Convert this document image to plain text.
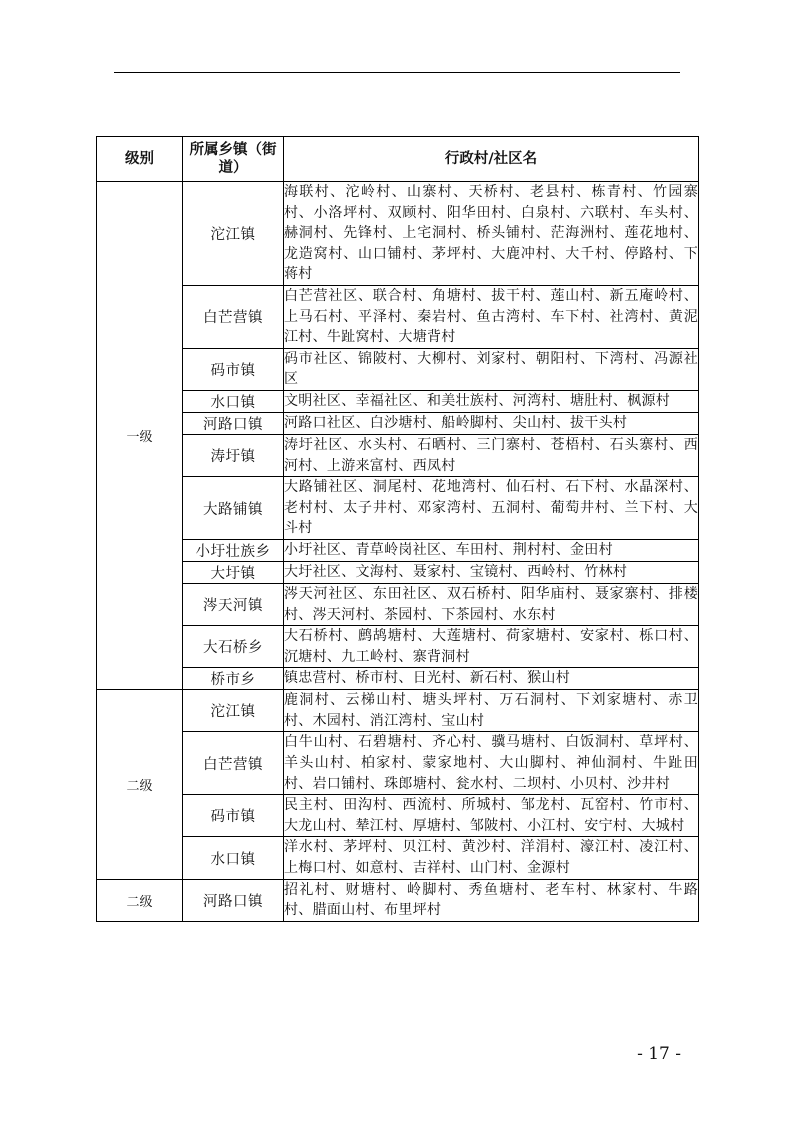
级别	所属乡镇（街道）	行政村/社区名
一级	沱江镇	海联村、沱岭村、山寨村、天桥村、老县村、栋青村、竹园寨村、小洛坪村、双顾村、阳华田村、白泉村、六联村、车头村、赫洞村、先锋村、上宅洞村、桥头铺村、茫海洲村、莲花地村、龙造窝村、山口铺村、茅坪村、大鹿冲村、大千村、停路村、下蒋村
	白芒营镇	白芒营社区、联合村、角塘村、拔干村、莲山村、新五庵岭村、上马石村、平泽村、秦岩村、鱼古湾村、车下村、社湾村、黄泥江村、牛趾窝村、大塘背村
	码市镇	码市社区、锦陂村、大柳村、刘家村、朝阳村、下湾村、冯源社区
	水口镇	文明社区、幸福社区、和美壮族村、河湾村、塘肚村、枫源村
	河路口镇	河路口社区、白沙塘村、船岭脚村、尖山村、拔干头村
	涛圩镇	涛圩社区、水头村、石晒村、三门寨村、苍梧村、石头寨村、西河村、上游来富村、西凤村
	大路铺镇	大路铺社区、洞尾村、花地湾村、仙石村、石下村、水晶深村、老村村、太子井村、邓家湾村、五洞村、葡萄井村、兰下村、大斗村
	小圩壮族乡	小圩社区、青草岭岗社区、车田村、荆村村、金田村
	大圩镇	大圩社区、文海村、聂家村、宝镜村、西岭村、竹林村
	涔天河镇	涔天河社区、东田社区、双石桥村、阳华庙村、聂家寨村、排楼村、涔天河村、茶园村、下茶园村、水东村
	大石桥乡	大石桥村、鹧鸪塘村、大莲塘村、荷家塘村、安家村、栎口村、沉塘村、九工岭村、寨背洞村
	桥市乡	镇忠营村、桥市村、日光村、新石村、猴山村
二级	沱江镇	鹿洞村、云梯山村、塘头坪村、万石洞村、下刘家塘村、赤卫村、木园村、消江湾村、宝山村
	白芒营镇	白牛山村、石碧塘村、齐心村、骥马塘村、白饭洞村、草坪村、羊头山村、柏家村、蒙家地村、大山脚村、神仙洞村、牛趾田村、岩口铺村、珠郎塘村、瓮水村、二坝村、小贝村、沙井村
	码市镇	民主村、田沟村、西流村、所城村、邹龙村、瓦窑村、竹市村、大龙山村、辇江村、厚塘村、邹陂村、小江村、安宁村、大城村
	水口镇	洋水村、茅坪村、贝江村、黄沙村、洋涓村、濠江村、凌江村、上梅口村、如意村、吉祥村、山门村、金源村
二级	河路口镇	招礼村、财塘村、岭脚村、秀鱼塘村、老车村、林家村、牛路村、腊面山村、布里坪村
- 17 -
